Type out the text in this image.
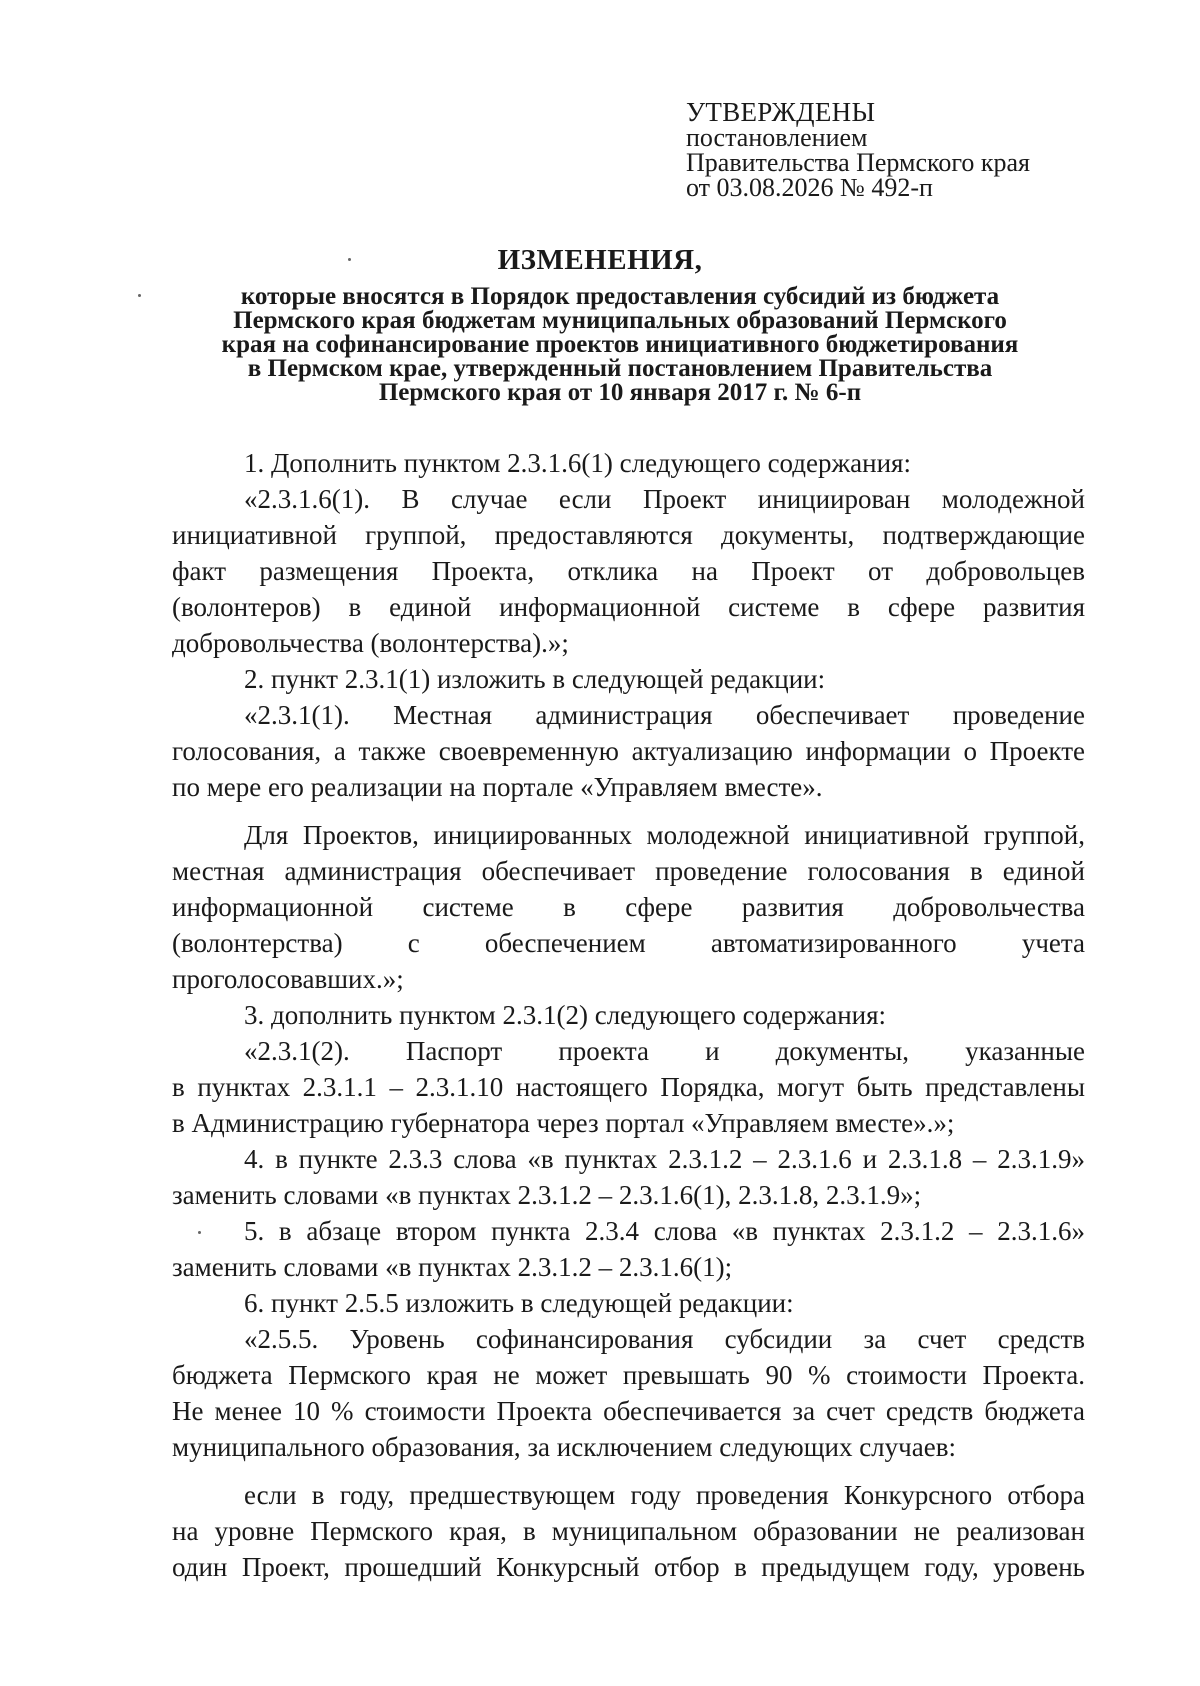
УТВЕРЖДЕНЫ
постановлением
Правительства Пермского края
от 03.08.2026 № 492-п
ИЗМЕНЕНИЯ,
которые вносятся в Порядок предоставления субсидий из бюджета
Пермского края бюджетам муниципальных образований Пермского
края на софинансирование проектов инициативного бюджетирования
в Пермском крае, утвержденный постановлением Правительства
Пермского края от 10 января 2017 г. № 6-п
1. Дополнить пунктом 2.3.1.6(1) следующего содержания:
«2.3.1.6(1). В случае если Проект инициирован молодежной
инициативной группой, предоставляются документы, подтверждающие
факт размещения Проекта, отклика на Проект от добровольцев
(волонтеров) в единой информационной системе в сфере развития
добровольчества (волонтерства).»;
2. пункт 2.3.1(1) изложить в следующей редакции:
«2.3.1(1). Местная администрация обеспечивает проведение
голосования, а также своевременную актуализацию информации о Проекте
по мере его реализации на портале «Управляем вместе».
Для Проектов, инициированных молодежной инициативной группой,
местная администрация обеспечивает проведение голосования в единой
информационной системе в сфере развития добровольчества
(волонтерства) с обеспечением автоматизированного учета
проголосовавших.»;
3. дополнить пунктом 2.3.1(2) следующего содержания:
«2.3.1(2). Паспорт проекта и документы, указанные
в пунктах 2.3.1.1 – 2.3.1.10 настоящего Порядка, могут быть представлены
в Администрацию губернатора через портал «Управляем вместе».»;
4. в пункте 2.3.3 слова «в пунктах 2.3.1.2 – 2.3.1.6 и 2.3.1.8 – 2.3.1.9»
заменить словами «в пунктах 2.3.1.2 – 2.3.1.6(1), 2.3.1.8, 2.3.1.9»;
5. в абзаце втором пункта 2.3.4 слова «в пунктах 2.3.1.2 – 2.3.1.6»
заменить словами «в пунктах 2.3.1.2 – 2.3.1.6(1);
6. пункт 2.5.5 изложить в следующей редакции:
«2.5.5. Уровень софинансирования субсидии за счет средств
бюджета Пермского края не может превышать 90 % стоимости Проекта.
Не менее 10 % стоимости Проекта обеспечивается за счет средств бюджета
муниципального образования, за исключением следующих случаев:
если в году, предшествующем году проведения Конкурсного отбора
на уровне Пермского края, в муниципальном образовании не реализован
один Проект, прошедший Конкурсный отбор в предыдущем году, уровень
